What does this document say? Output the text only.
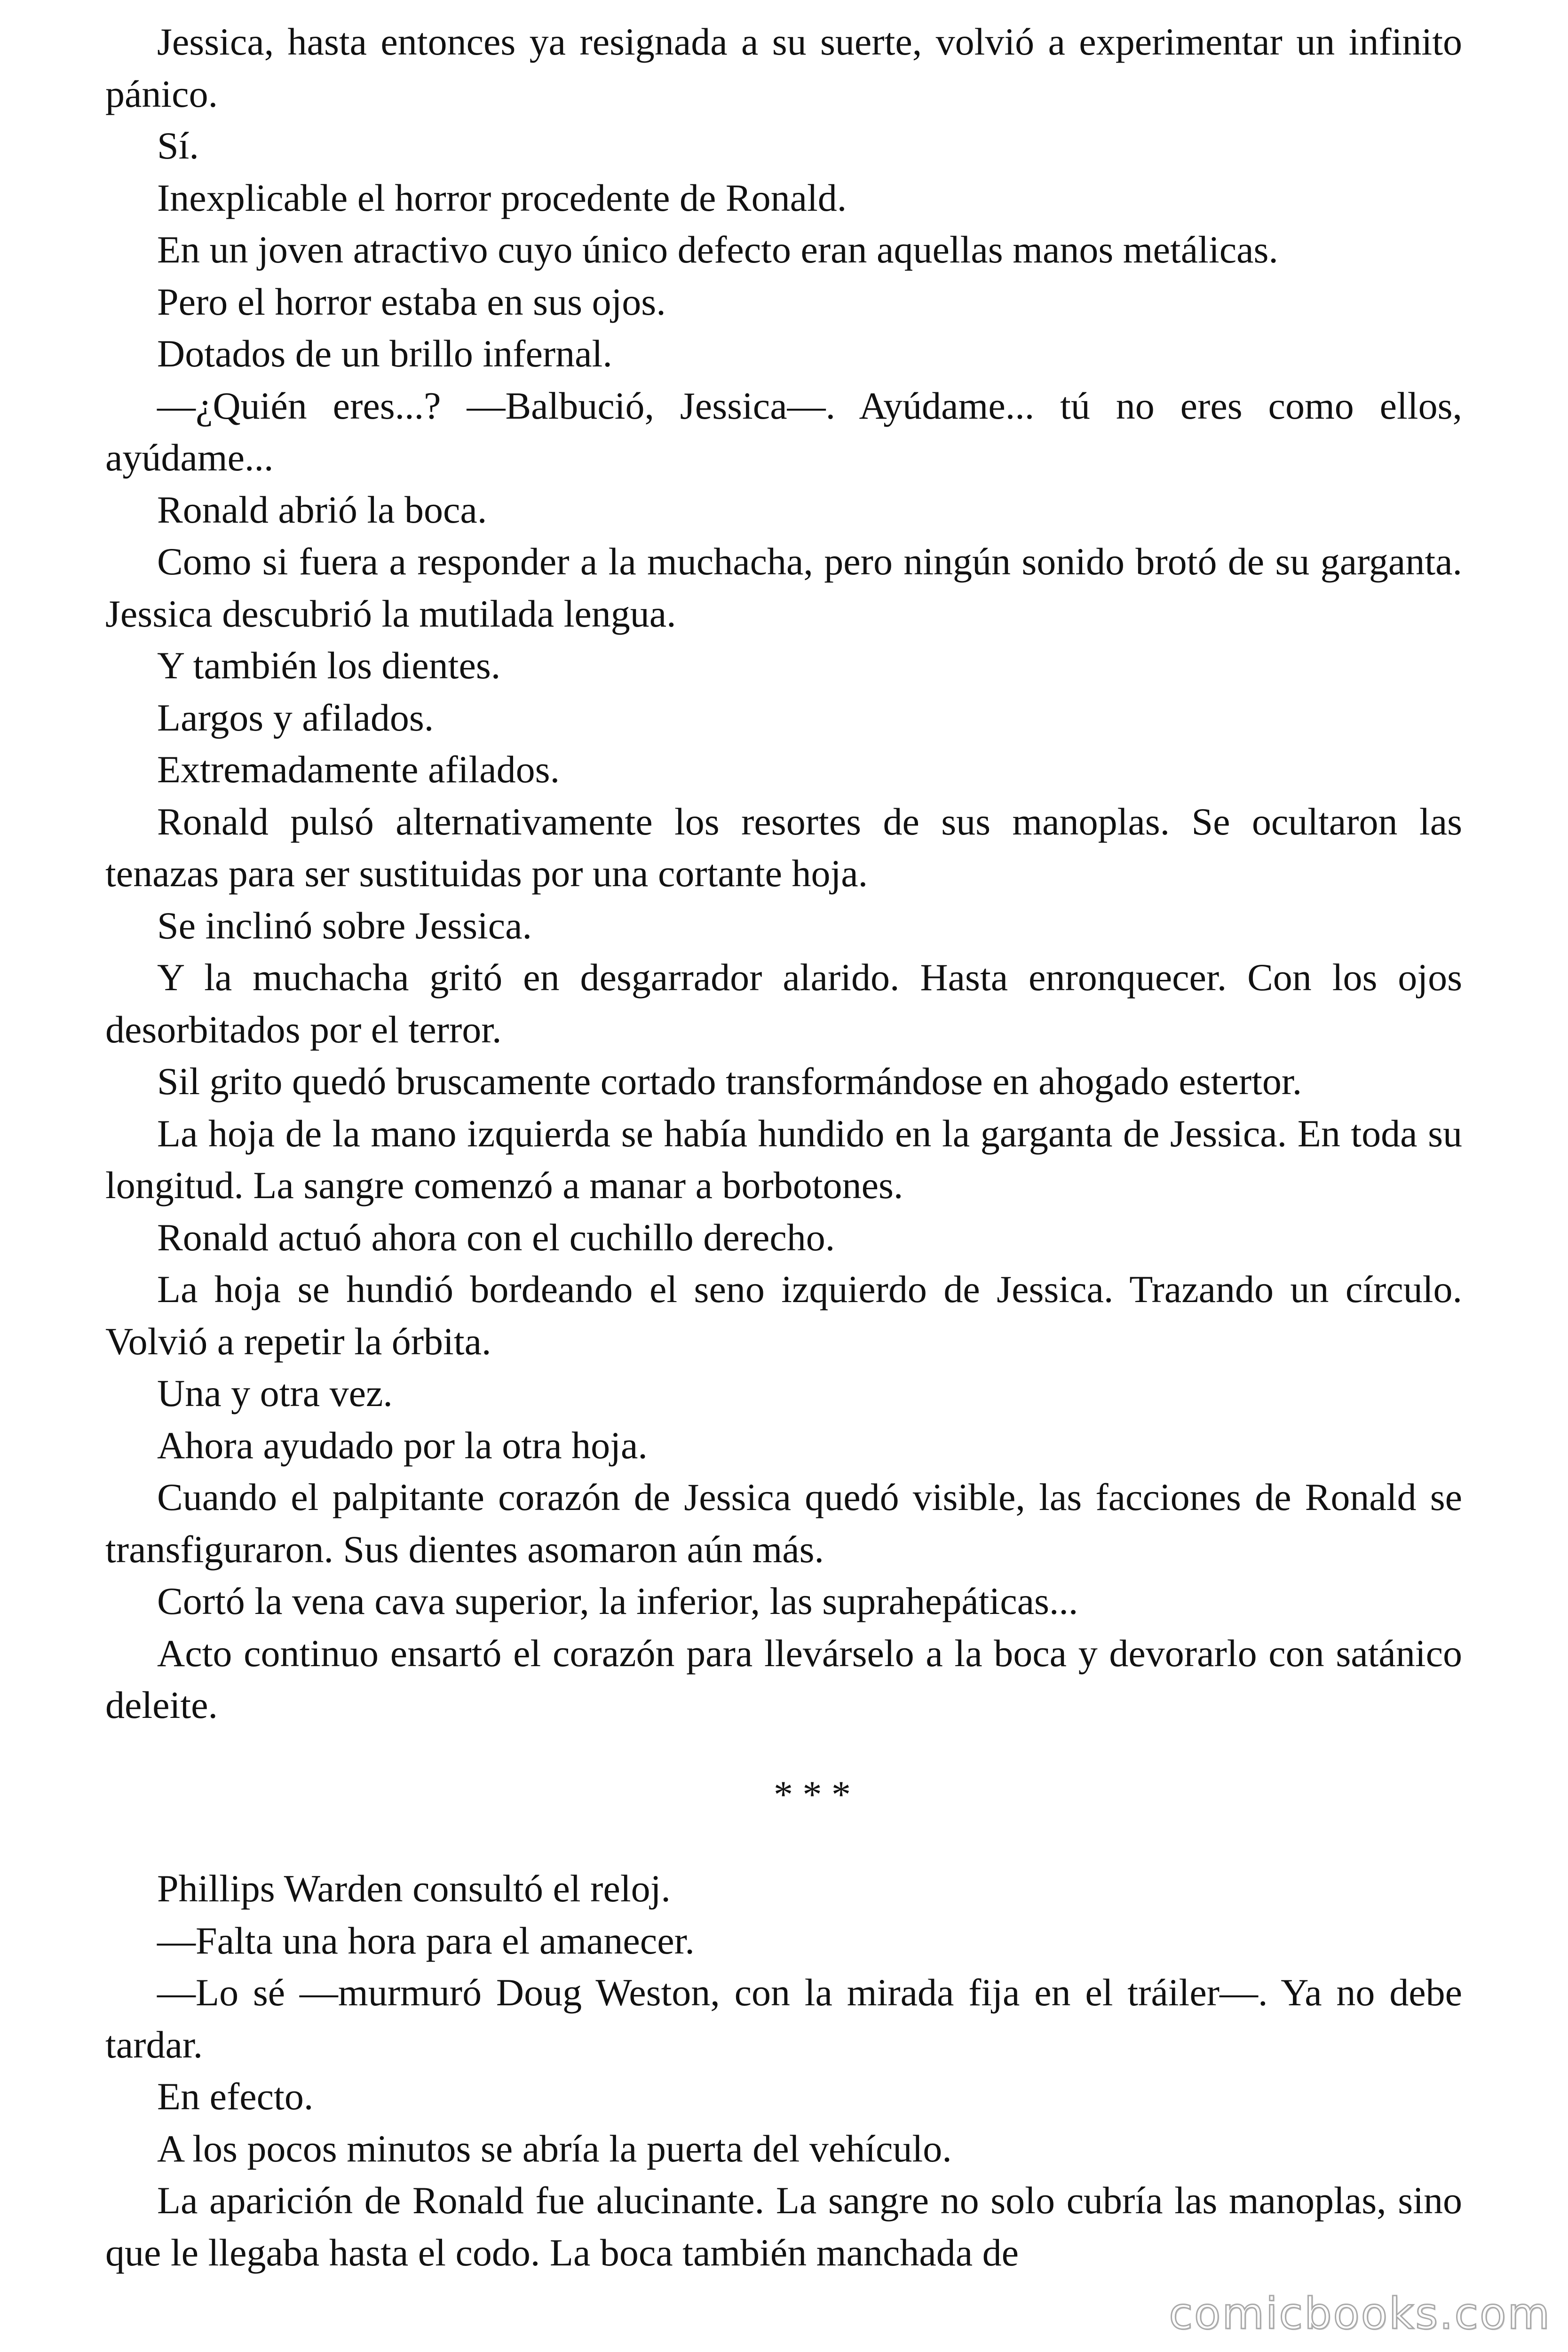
Jessica, hasta entonces ya resignada a su suerte, volvió a experimentar un infinito pánico.

Sí.

Inexplicable el horror procedente de Ronald.

En un joven atractivo cuyo único defecto eran aquellas manos metálicas.

Pero el horror estaba en sus ojos.

Dotados de un brillo infernal.

—¿Quién eres...? —Balbució, Jessica—. Ayúdame... tú no eres como ellos, ayúdame...

Ronald abrió la boca.

Como si fuera a responder a la muchacha, pero ningún sonido brotó de su garganta. Jessica descubrió la mutilada lengua.

Y también los dientes.

Largos y afilados.

Extremadamente afilados.

Ronald pulsó alternativamente los resortes de sus manoplas. Se ocultaron las tenazas para ser sustituidas por una cortante hoja.

Se inclinó sobre Jessica.

Y la muchacha gritó en desgarrador alarido. Hasta enronquecer. Con los ojos desorbitados por el terror.

Sil grito quedó bruscamente cortado transformándose en ahogado estertor.

La hoja de la mano izquierda se había hundido en la garganta de Jessica. En toda su longitud. La sangre comenzó a manar a borbotones.

Ronald actuó ahora con el cuchillo derecho.

La hoja se hundió bordeando el seno izquierdo de Jessica. Trazando un círculo. Volvió a repetir la órbita.

Una y otra vez.

Ahora ayudado por la otra hoja.

Cuando el palpitante corazón de Jessica quedó visible, las facciones de Ronald se transfiguraron. Sus dientes asomaron aún más.

Cortó la vena cava superior, la inferior, las suprahepáticas...

Acto continuo ensartó el corazón para llevárselo a la boca y devorarlo con satánico deleite.

* * *

Phillips Warden consultó el reloj.

—Falta una hora para el amanecer.

—Lo sé —murmuró Doug Weston, con la mirada fija en el tráiler—. Ya no debe tardar.

En efecto.

A los pocos minutos se abría la puerta del vehículo.

La aparición de Ronald fue alucinante. La sangre no solo cubría las manoplas, sino que le llegaba hasta el codo. La boca también manchada de

comicbooks.com
